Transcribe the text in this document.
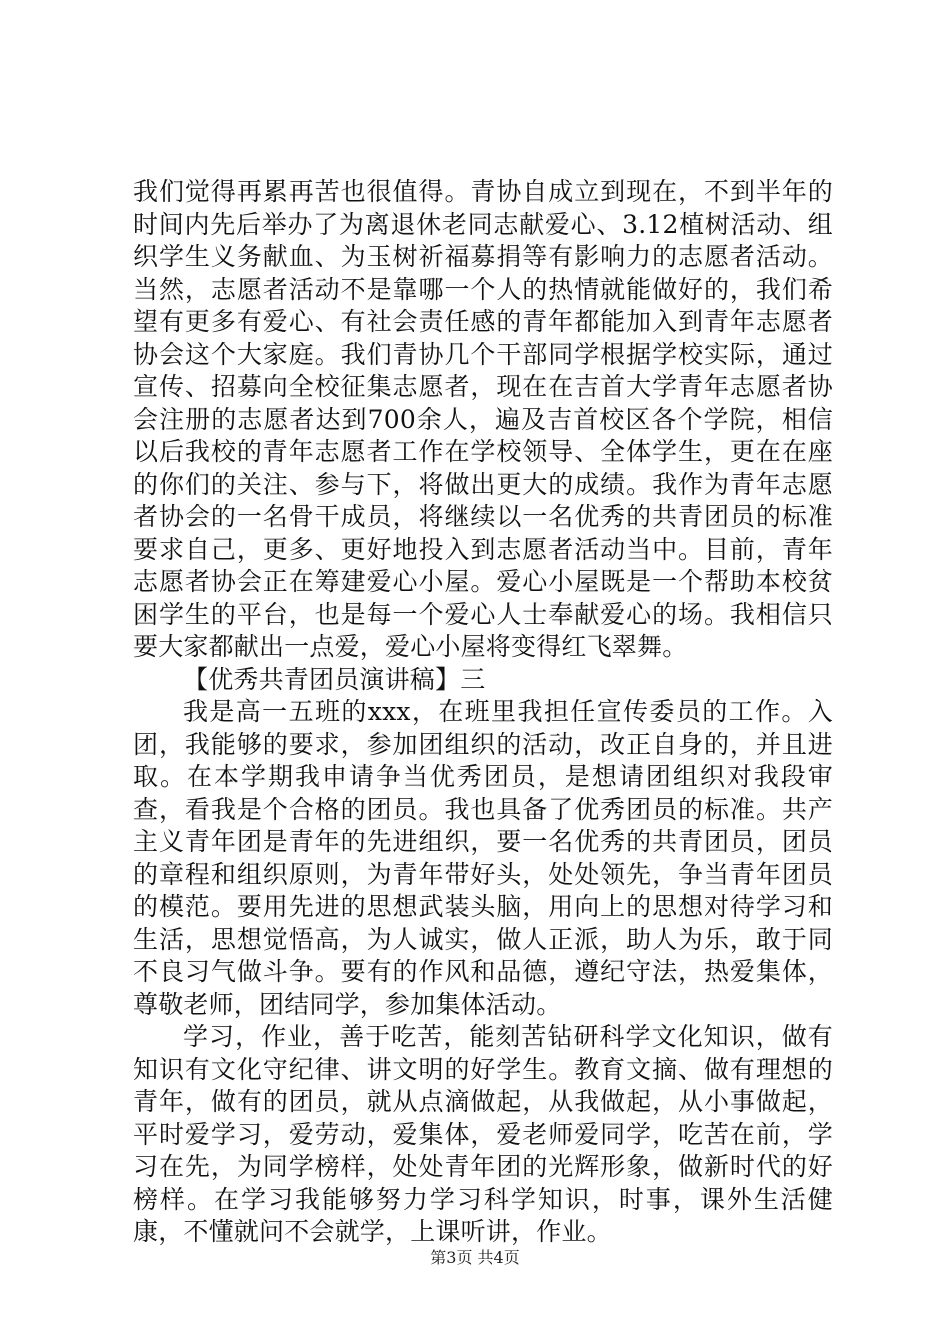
我们觉得再累再苦也很值得。青协自成立到现在，不到半年的时间内先后举办了为离退休老同志献爱心、3.12植树活动、组织学生义务献血、为玉树祈福募捐等有影响力的志愿者活动。当然，志愿者活动不是靠哪一个人的热情就能做好的，我们希望有更多有爱心、有社会责任感的青年都能加入到青年志愿者协会这个大家庭。我们青协几个干部同学根据学校实际，通过宣传、招募向全校征集志愿者，现在在吉首大学青年志愿者协会注册的志愿者达到700余人，遍及吉首校区各个学院，相信以后我校的青年志愿者工作在学校领导、全体学生，更在在座的你们的关注、参与下，将做出更大的成绩。我作为青年志愿者协会的一名骨干成员，将继续以一名优秀的共青团员的标准要求自己，更多、更好地投入到志愿者活动当中。目前，青年志愿者协会正在筹建爱心小屋。爱心小屋既是一个帮助本校贫困学生的平台，也是每一个爱心人士奉献爱心的场。我相信只要大家都献出一点爱，爱心小屋将变得红飞翠舞。

【优秀共青团员演讲稿】三

我是高一五班的xxx，在班里我担任宣传委员的工作。入团，我能够的要求，参加团组织的活动，改正自身的，并且进取。在本学期我申请争当优秀团员，是想请团组织对我段审查，看我是个合格的团员。我也具备了优秀团员的标准。共产主义青年团是青年的先进组织，要一名优秀的共青团员，团员的章程和组织原则，为青年带好头，处处领先，争当青年团员的模范。要用先进的思想武装头脑，用向上的思想对待学习和生活，思想觉悟高，为人诚实，做人正派，助人为乐，敢于同不良习气做斗争。要有的作风和品德，遵纪守法，热爱集体，尊敬老师，团结同学，参加集体活动。

学习，作业，善于吃苦，能刻苦钻研科学文化知识，做有知识有文化守纪律、讲文明的好学生。教育文摘、做有理想的青年，做有的团员，就从点滴做起，从我做起，从小事做起，平时爱学习，爱劳动，爱集体，爱老师爱同学，吃苦在前，学习在先，为同学榜样，处处青年团的光辉形象，做新时代的好榜样。在学习我能够努力学习科学知识，时事，课外生活健康，不懂就问不会就学，上课听讲，作业。

第3页 共4页
